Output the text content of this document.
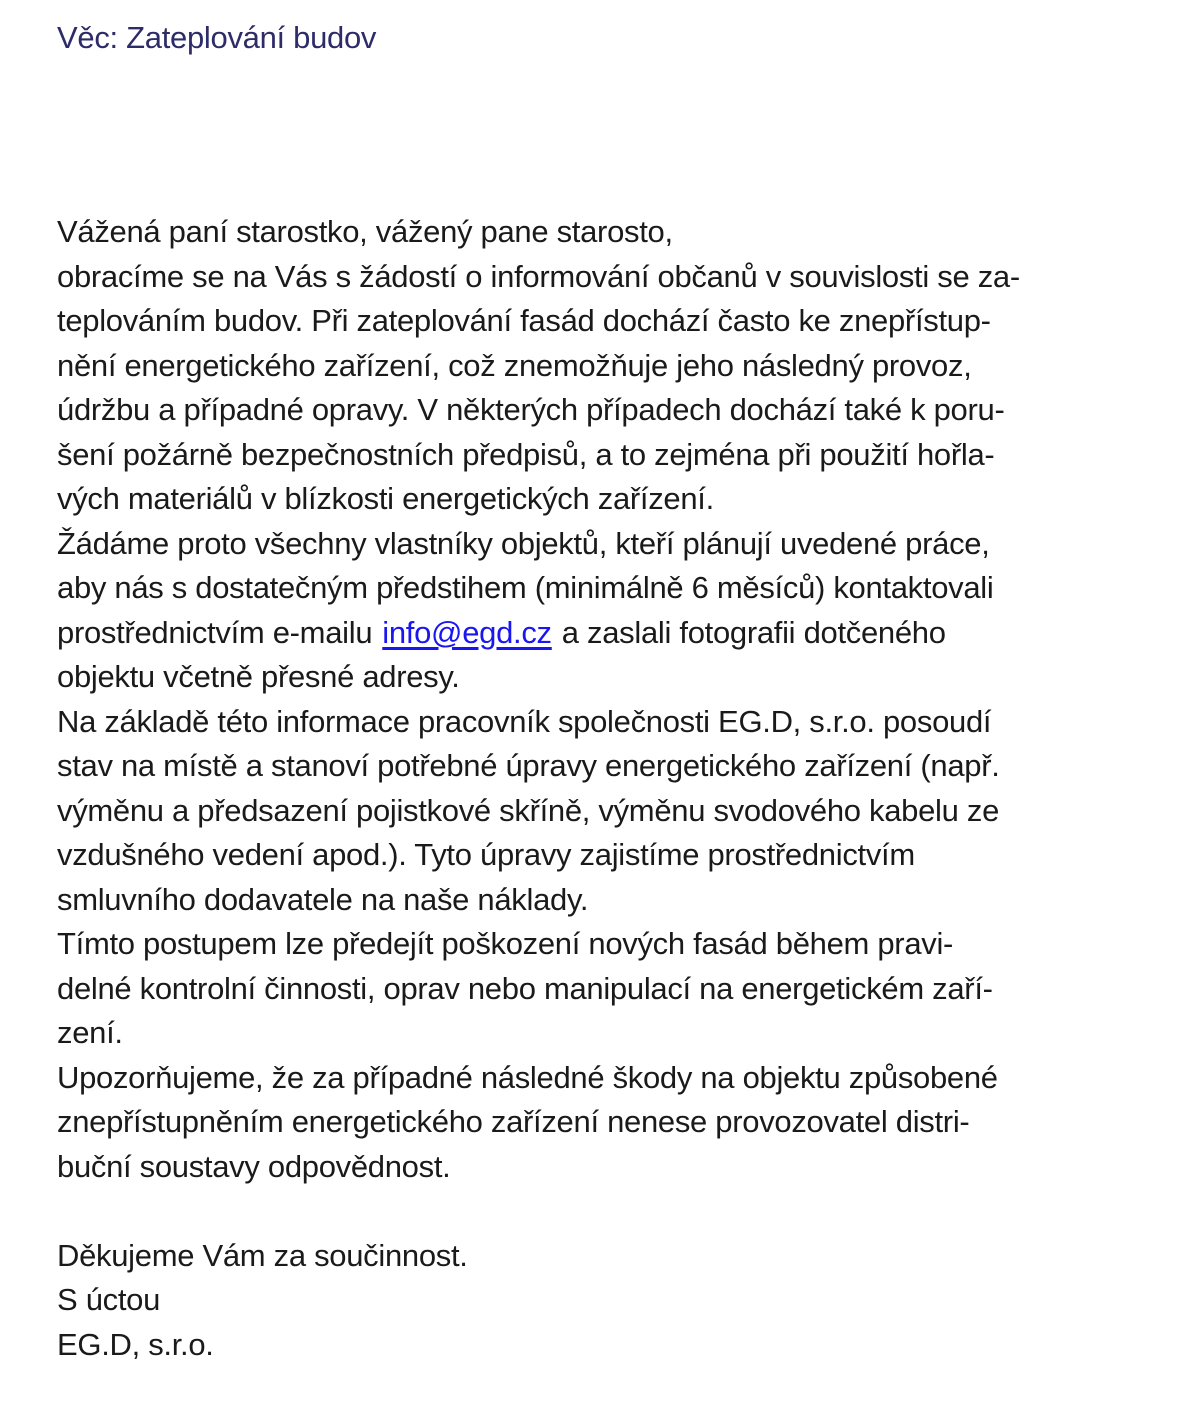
Věc: Zateplování budov
Vážená paní starostko, vážený pane starosto,
obracíme se na Vás s žádostí o informování občanů v souvislosti se za-
teplováním budov. Při zateplování fasád dochází často ke znepřístup-
nění energetického zařízení, což znemožňuje jeho následný provoz,
údržbu a případné opravy. V některých případech dochází také k poru-
šení požárně bezpečnostních předpisů, a to zejména při použití hořla-
vých materiálů v blízkosti energetických zařízení.
Žádáme proto všechny vlastníky objektů, kteří plánují uvedené práce,
aby nás s dostatečným předstihem (minimálně 6 měsíců) kontaktovali
prostřednictvím e-mailu info@egd.cz a zaslali fotografii dotčeného
objektu včetně přesné adresy.
Na základě této informace pracovník společnosti EG.D, s.r.o. posoudí
stav na místě a stanoví potřebné úpravy energetického zařízení (např.
výměnu a předsazení pojistkové skříně, výměnu svodového kabelu ze
vzdušného vedení apod.). Tyto úpravy zajistíme prostřednictvím
smluvního dodavatele na naše náklady.
Tímto postupem lze předejít poškození nových fasád během pravi-
delné kontrolní činnosti, oprav nebo manipulací na energetickém zaří-
zení.
Upozorňujeme, že za případné následné škody na objektu způsobené
znepřístupněním energetického zařízení nenese provozovatel distri-
buční soustavy odpovědnost.
Děkujeme Vám za součinnost.
S úctou
EG.D, s.r.o.
